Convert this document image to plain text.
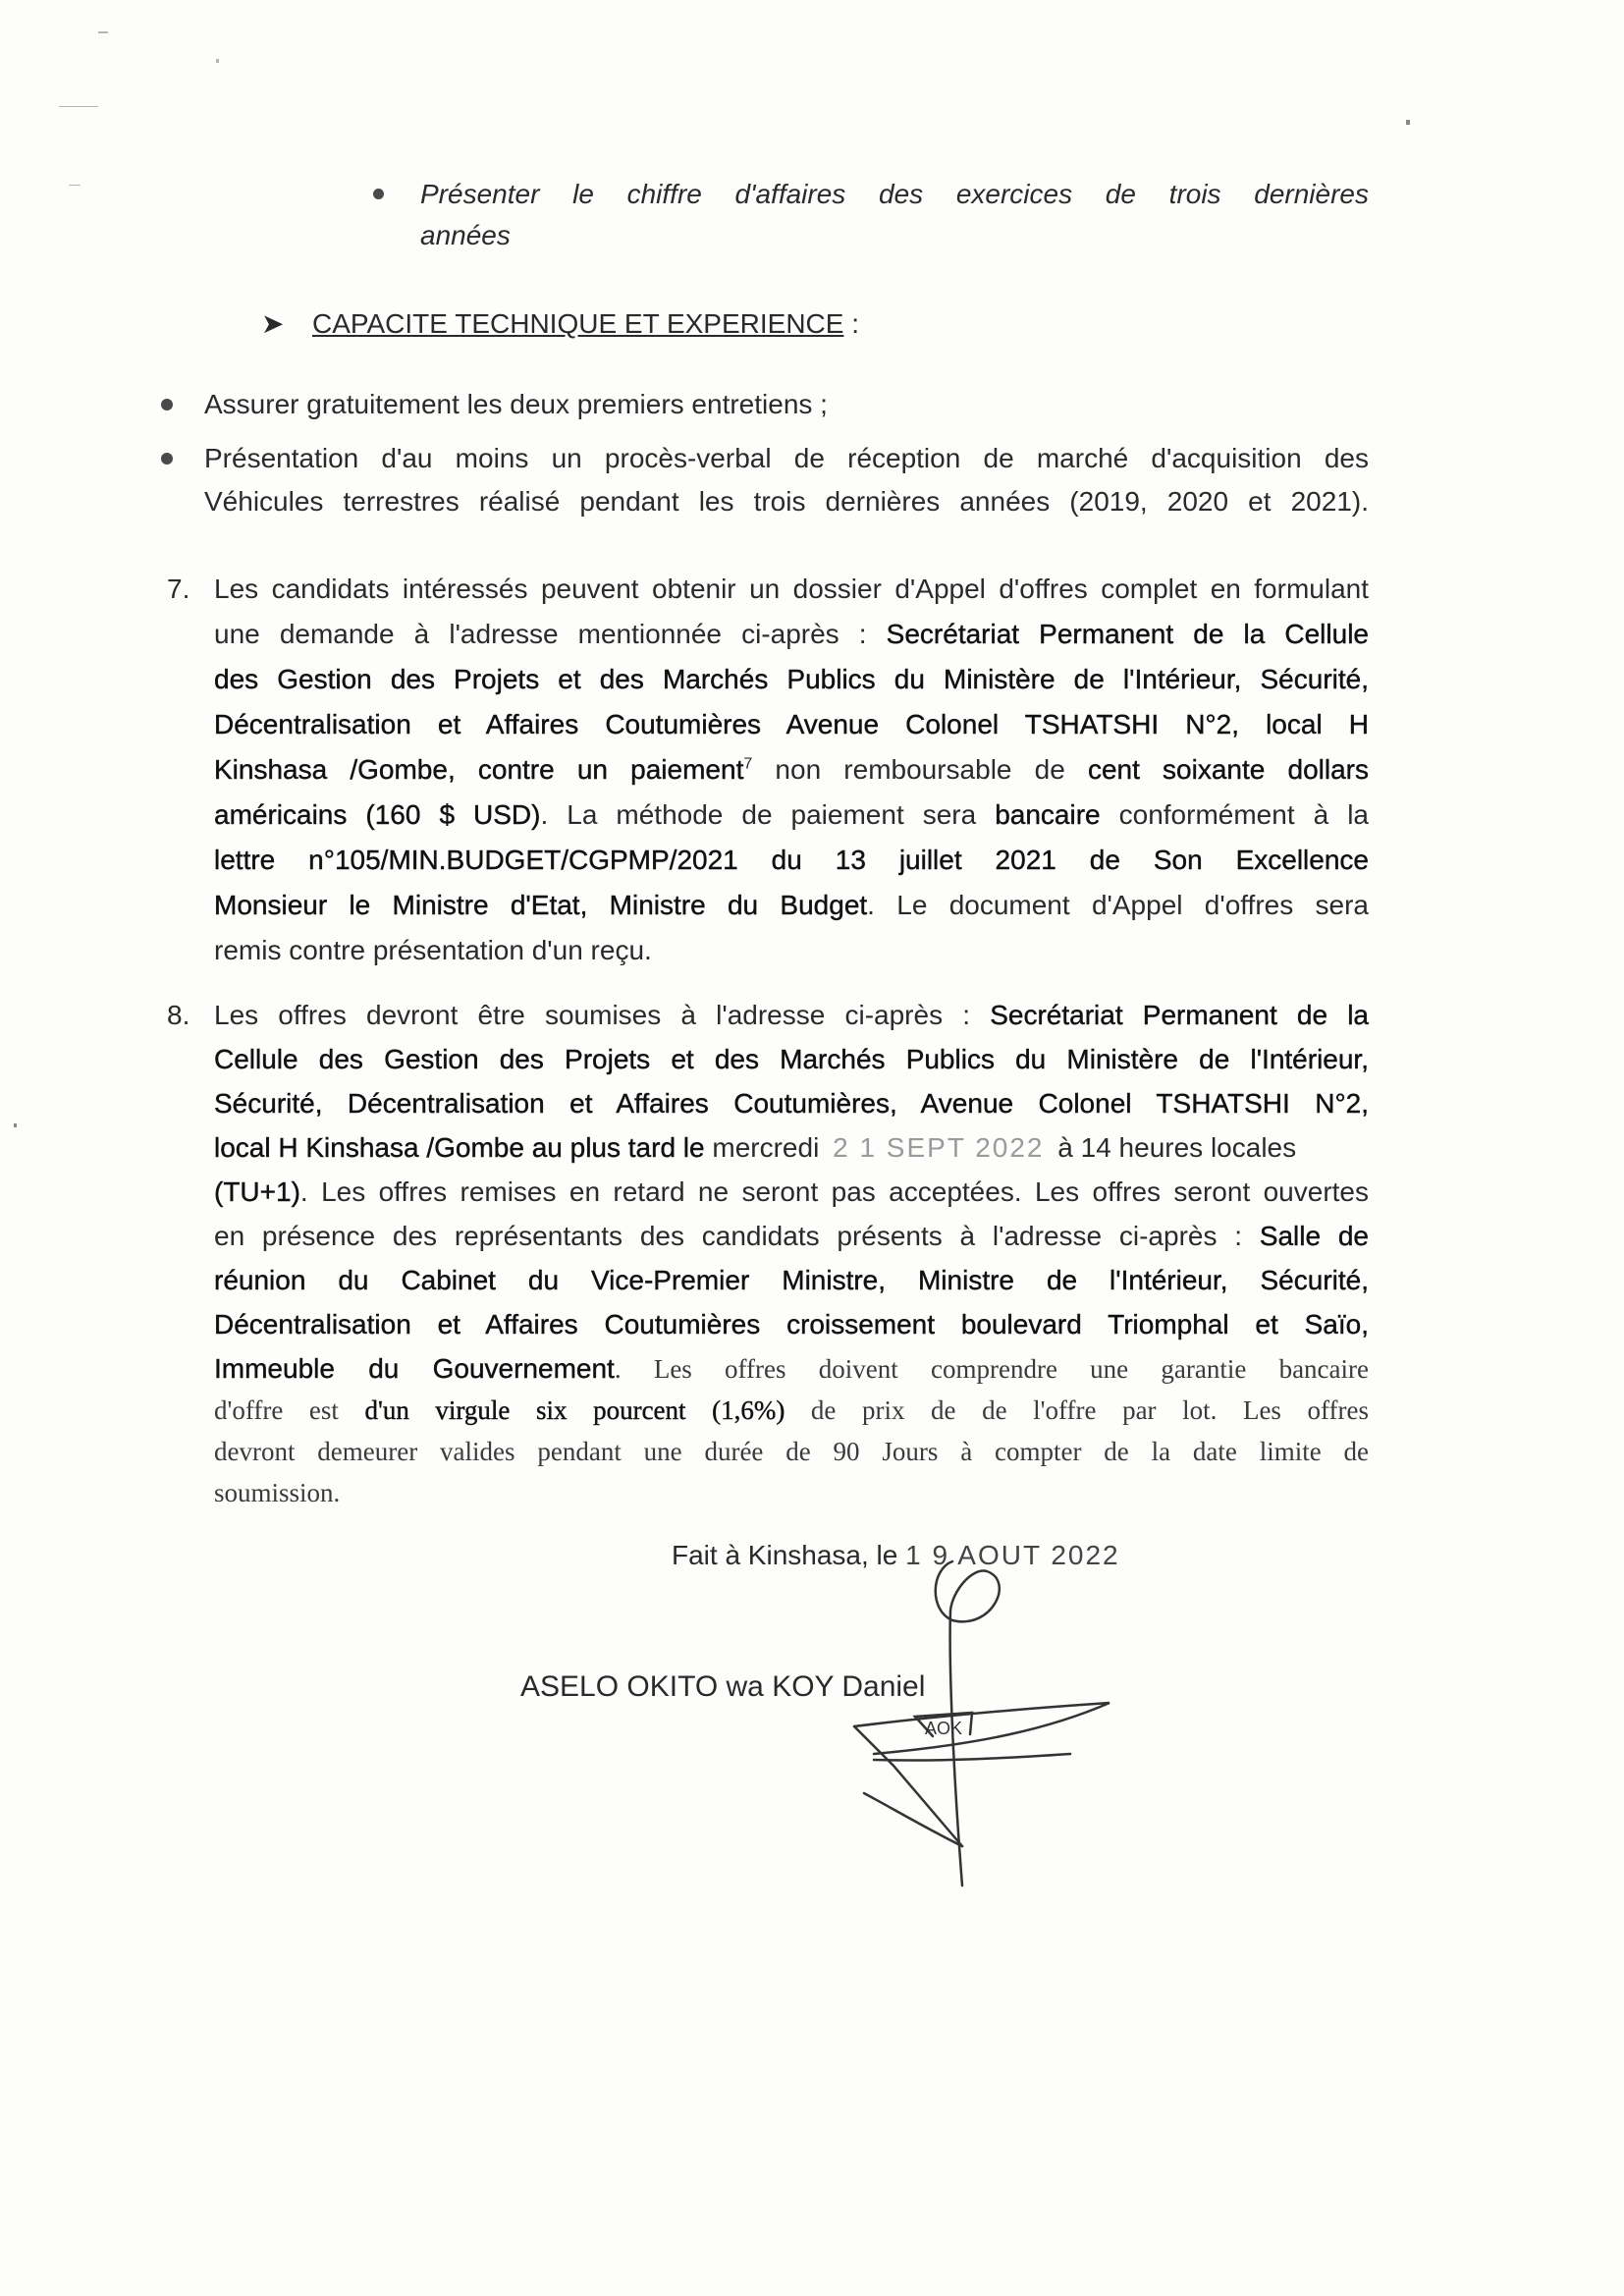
Présenter le chiffre d'affaires des exercices de trois dernières
années
➤ CAPACITE TECHNIQUE ET EXPERIENCE :
Assurer gratuitement les deux premiers entretiens ;
Présentation d'au moins un procès-verbal de réception de marché d'acquisition des
Véhicules terrestres réalisé pendant les trois dernières années (2019, 2020 et 2021).
7. Les candidats intéressés peuvent obtenir un dossier d'Appel d'offres complet en formulant
une demande à l'adresse mentionnée ci-après : Secrétariat Permanent de la Cellule
des Gestion des Projets et des Marchés Publics du Ministère de l'Intérieur, Sécurité,
Décentralisation et Affaires Coutumières Avenue Colonel TSHATSHI N°2, local H
Kinshasa /Gombe, contre un paiement$^7$ non remboursable de cent soixante dollars
américains (160 $ USD). La méthode de paiement sera bancaire conformément à la
lettre n°105/MIN.BUDGET/CGPMP/2021 du 13 juillet 2021 de Son Excellence
Monsieur le Ministre d'Etat, Ministre du Budget. Le document d'Appel d'offres sera
remis contre présentation d'un reçu.
8. Les offres devront être soumises à l'adresse ci-après : Secrétariat Permanent de la
Cellule des Gestion des Projets et des Marchés Publics du Ministère de l'Intérieur,
Sécurité, Décentralisation et Affaires Coutumières, Avenue Colonel TSHATSHI N°2,
local H Kinshasa /Gombe au plus tard le mercredi 2 1 SEPT 2022 à 14 heures locales
(TU+1). Les offres remises en retard ne seront pas acceptées. Les offres seront ouvertes
en présence des représentants des candidats présents à l'adresse ci-après : Salle de
réunion du Cabinet du Vice-Premier Ministre, Ministre de l'Intérieur, Sécurité,
Décentralisation et Affaires Coutumières croissement boulevard Triomphal et Saïo,
Immeuble du Gouvernement. Les offres doivent comprendre une garantie bancaire
d'offre est d'un virgule six pourcent (1,6%) de prix de de l'offre par lot. Les offres
devront demeurer valides pendant une durée de 90 Jours à compter de la date limite de
soumission.
Fait à Kinshasa, le 1 9 AOUT 2022
ASELO OKITO wa KOY Daniel
AOK
